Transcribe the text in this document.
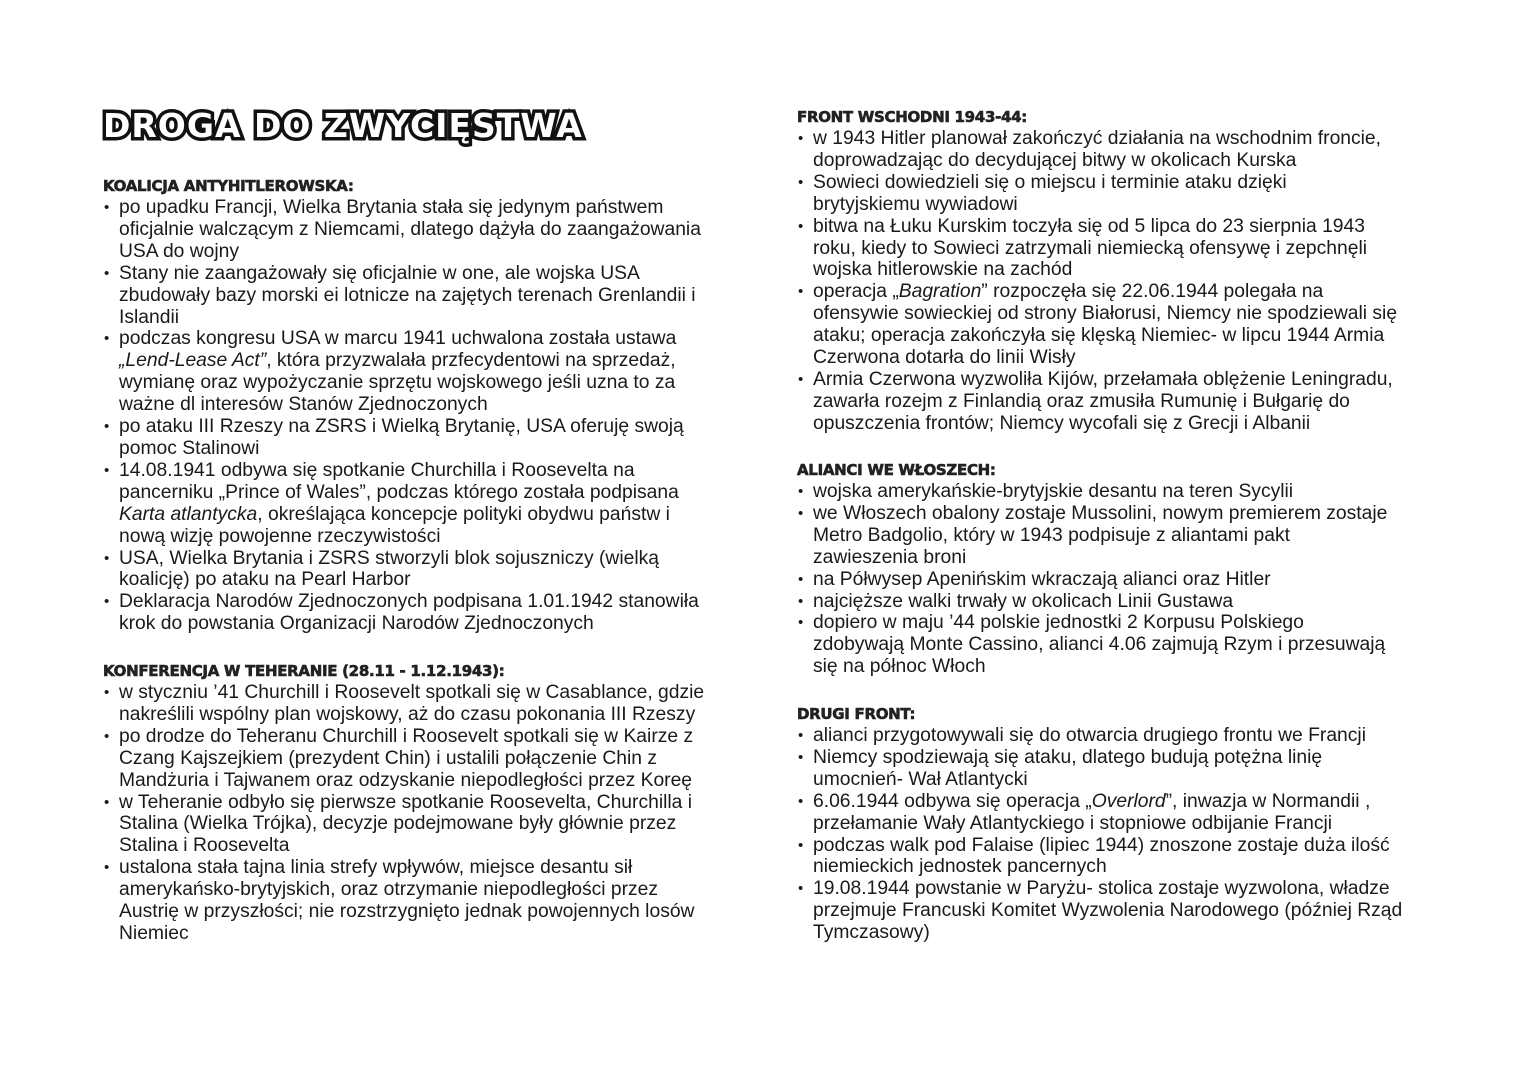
DROGA DO ZWYCIĘSTWA
KOALICJA ANTYHITLEROWSKA:
• po upadku Francji, Wielka Brytania stała się jedynym państwem
oficjalnie walczącym z Niemcami, dlatego dążyła do zaangażowania
USA do wojny
• Stany nie zaangażowały się oficjalnie w one, ale wojska USA
zbudowały bazy morski ei lotnicze na zajętych terenach Grenlandii i
Islandii
• podczas kongresu USA w marcu 1941 uchwalona została ustawa
„Lend-Lease Act”, która przyzwalała przfecydentowi na sprzedaż,
wymianę oraz wypożyczanie sprzętu wojskowego jeśli uzna to za
ważne dl interesów Stanów Zjednoczonych
• po ataku III Rzeszy na ZSRS i Wielką Brytanię, USA oferuję swoją
pomoc Stalinowi
• 14.08.1941 odbywa się spotkanie Churchilla i Roosevelta na
pancerniku „Prince of Wales”, podczas którego została podpisana
Karta atlantycka, określająca koncepcje polityki obydwu państw i
nową wizję powojenne rzeczywistości
• USA, Wielka Brytania i ZSRS stworzyli blok sojuszniczy (wielką
koalicję) po ataku na Pearl Harbor
• Deklaracja Narodów Zjednoczonych podpisana 1.01.1942 stanowiła
krok do powstania Organizacji Narodów Zjednoczonych
KONFERENCJA W TEHERANIE (28.11 - 1.12.1943):
• w styczniu ’41 Churchill i Roosevelt spotkali się w Casablance, gdzie
nakreślili wspólny plan wojskowy, aż do czasu pokonania III Rzeszy
• po drodze do Teheranu Churchill i Roosevelt spotkali się w Kairze z
Czang Kajszejkiem (prezydent Chin) i ustalili połączenie Chin z
Mandżuria i Tajwanem oraz odzyskanie niepodległości przez Koreę
• w Teheranie odbyło się pierwsze spotkanie Roosevelta, Churchilla i
Stalina (Wielka Trójka), decyzje podejmowane były głównie przez
Stalina i Roosevelta
• ustalona stała tajna linia strefy wpływów, miejsce desantu sił
amerykańsko-brytyjskich, oraz otrzymanie niepodległości przez
Austrię w przyszłości; nie rozstrzygnięto jednak powojennych losów
Niemiec
FRONT WSCHODNI 1943-44:
• w 1943 Hitler planował zakończyć działania na wschodnim froncie,
doprowadzając do decydującej bitwy w okolicach Kurska
• Sowieci dowiedzieli się o miejscu i terminie ataku dzięki
brytyjskiemu wywiadowi
• bitwa na Łuku Kurskim toczyła się od 5 lipca do 23 sierpnia 1943
roku, kiedy to Sowieci zatrzymali niemiecką ofensywę i zepchnęli
wojska hitlerowskie na zachód
• operacja „Bagration” rozpoczęła się 22.06.1944 polegała na
ofensywie sowieckiej od strony Białorusi, Niemcy nie spodziewali się
ataku; operacja zakończyła się klęską Niemiec- w lipcu 1944 Armia
Czerwona dotarła do linii Wisły
• Armia Czerwona wyzwoliła Kijów, przełamała oblężenie Leningradu,
zawarła rozejm z Finlandią oraz zmusiła Rumunię i Bułgarię do
opuszczenia frontów; Niemcy wycofali się z Grecji i Albanii
ALIANCI WE WŁOSZECH:
• wojska amerykańskie-brytyjskie desantu na teren Sycylii
• we Włoszech obalony zostaje Mussolini, nowym premierem zostaje
Metro Badgolio, który w 1943 podpisuje z aliantami pakt
zawieszenia broni
• na Półwysep Apenińskim wkraczają alianci oraz Hitler
• najcięższe walki trwały w okolicach Linii Gustawa
• dopiero w maju ’44 polskie jednostki 2 Korpusu Polskiego
zdobywają Monte Cassino, alianci 4.06 zajmują Rzym i przesuwają
się na północ Włoch
DRUGI FRONT:
• alianci przygotowywali się do otwarcia drugiego frontu we Francji
• Niemcy spodziewają się ataku, dlatego budują potężna linię
umocnień- Wał Atlantycki
• 6.06.1944 odbywa się operacja „Overlord”, inwazja w Normandii ,
przełamanie Wały Atlantyckiego i stopniowe odbijanie Francji
• podczas walk pod Falaise (lipiec 1944) znoszone zostaje duża ilość
niemieckich jednostek pancernych
• 19.08.1944 powstanie w Paryżu- stolica zostaje wyzwolona, władze
przejmuje Francuski Komitet Wyzwolenia Narodowego (później Rząd
Tymczasowy)
